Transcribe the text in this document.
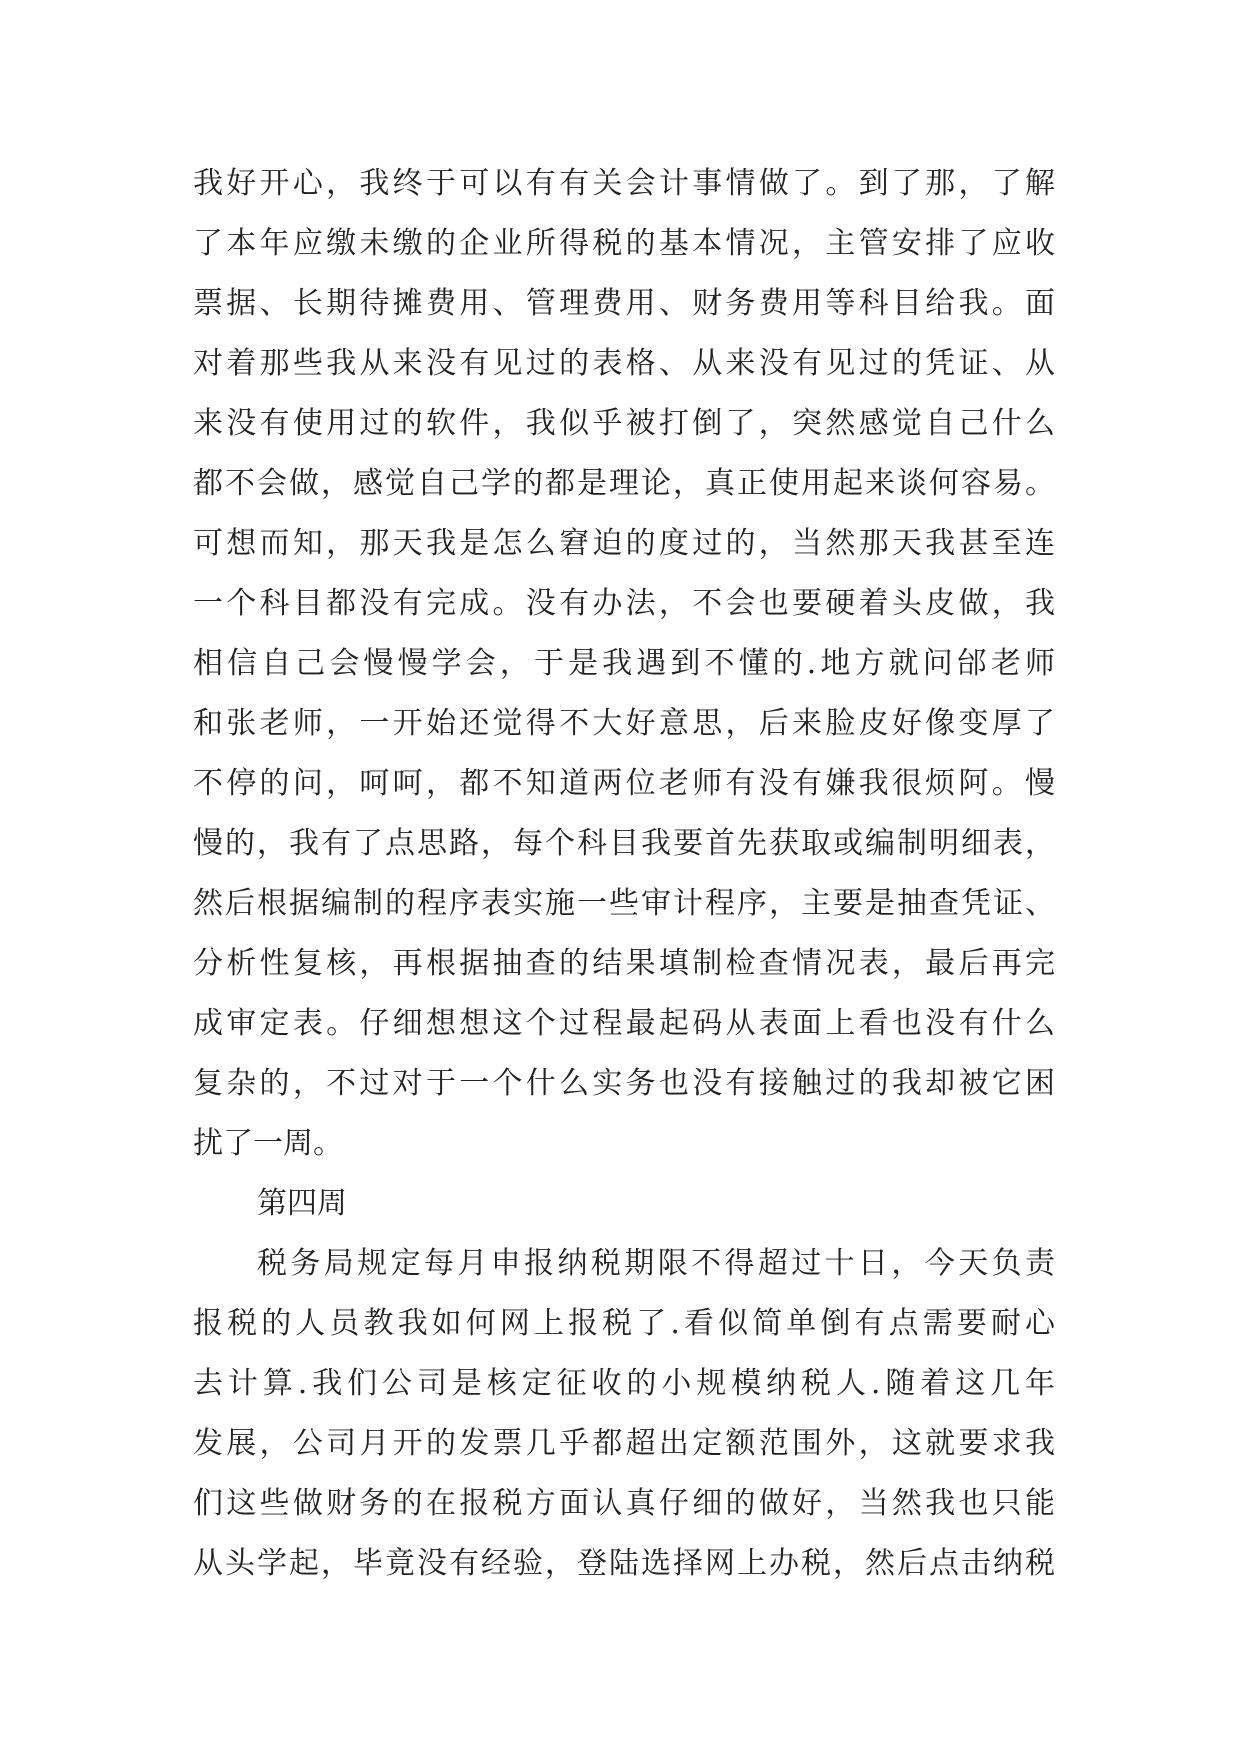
我好开心，我终于可以有有关会计事情做了。到了那，了解
了本年应缴未缴的企业所得税的基本情况，主管安排了应收
票据、长期待摊费用、管理费用、财务费用等科目给我。面
对着那些我从来没有见过的表格、从来没有见过的凭证、从
来没有使用过的软件，我似乎被打倒了，突然感觉自己什么
都不会做，感觉自己学的都是理论，真正使用起来谈何容易。
可想而知，那天我是怎么窘迫的度过的，当然那天我甚至连
一个科目都没有完成。没有办法，不会也要硬着头皮做，我
相信自己会慢慢学会，于是我遇到不懂的.地方就问邰老师
和张老师，一开始还觉得不大好意思，后来脸皮好像变厚了
不停的问，呵呵，都不知道两位老师有没有嫌我很烦阿。慢
慢的，我有了点思路，每个科目我要首先获取或编制明细表，
然后根据编制的程序表实施一些审计程序，主要是抽查凭证、
分析性复核，再根据抽查的结果填制检查情况表，最后再完
成审定表。仔细想想这个过程最起码从表面上看也没有什么
复杂的，不过对于一个什么实务也没有接触过的我却被它困
扰了一周。
第四周
税务局规定每月申报纳税期限不得超过十日，今天负责
报税的人员教我如何网上报税了.看似简单倒有点需要耐心
去计算.我们公司是核定征收的小规模纳税人.随着这几年
发展，公司月开的发票几乎都超出定额范围外，这就要求我
们这些做财务的在报税方面认真仔细的做好，当然我也只能
从头学起，毕竟没有经验，登陆选择网上办税，然后点击纳税
